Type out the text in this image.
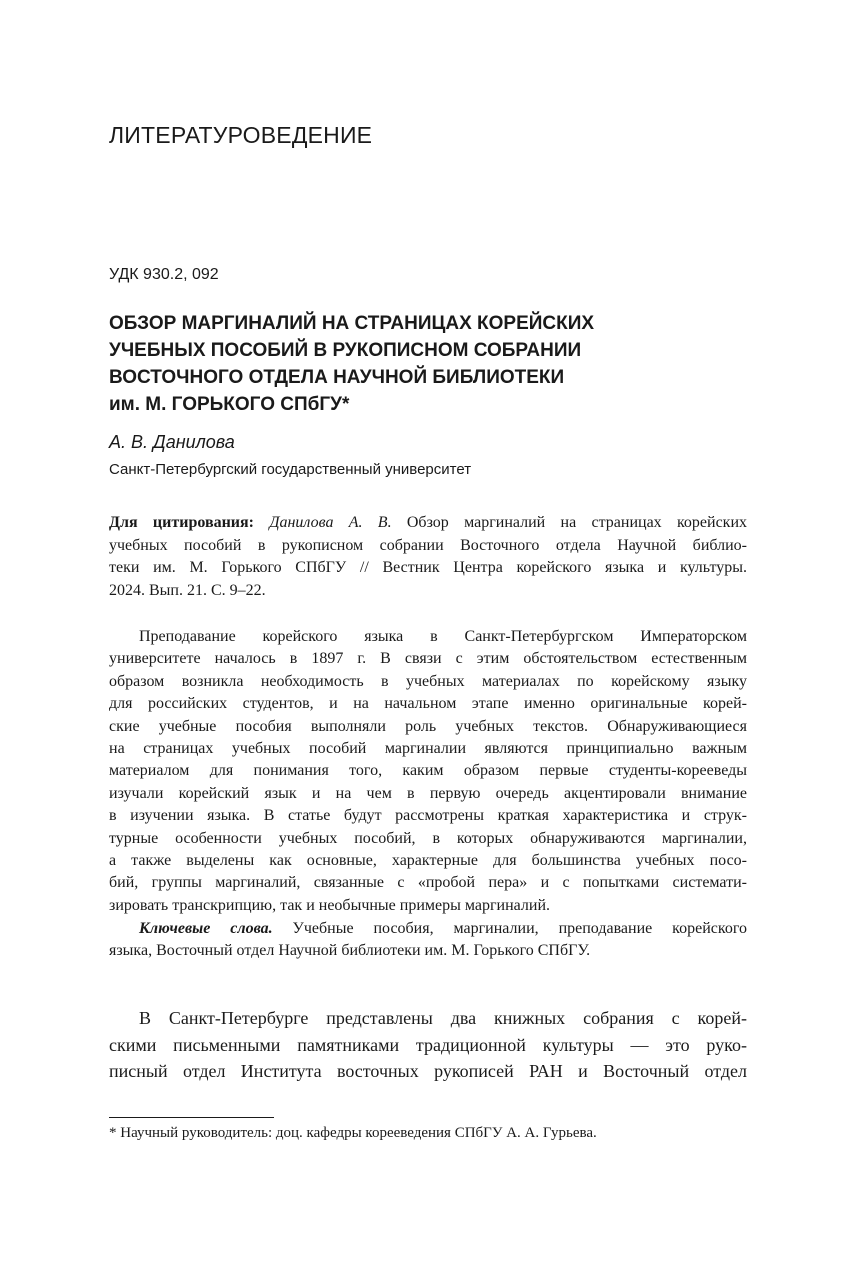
ЛИТЕРАТУРОВЕДЕНИЕ
УДК 930.2, 092
ОБЗОР МАРГИНАЛИЙ НА СТРАНИЦАХ КОРЕЙСКИХ
УЧЕБНЫХ ПОСОБИЙ В РУКОПИСНОМ СОБРАНИИ
ВОСТОЧНОГО ОТДЕЛА НАУЧНОЙ БИБЛИОТЕКИ
им. М. ГОРЬКОГО СПбГУ*
А. В. Данилова
Санкт-Петербургский государственный университет
Для цитирования: Данилова А. В. Обзор маргиналий на страницах корейских
учебных пособий в рукописном собрании Восточного отдела Научной библио-
теки им. М. Горького СПбГУ // Вестник Центра корейского языка и культуры.
2024. Вып. 21. С. 9–22.
Преподавание корейского языка в Санкт-Петербургском Императорском
университете началось в 1897 г. В связи с этим обстоятельством естественным
образом возникла необходимость в учебных материалах по корейскому языку
для российских студентов, и на начальном этапе именно оригинальные корей-
ские учебные пособия выполняли роль учебных текстов. Обнаруживающиеся
на страницах учебных пособий маргиналии являются принципиально важным
материалом для понимания того, каким образом первые студенты-корееведы
изучали корейский язык и на чем в первую очередь акцентировали внимание
в изучении языка. В статье будут рассмотрены краткая характеристика и струк-
турные особенности учебных пособий, в которых обнаруживаются маргиналии,
а также выделены как основные, характерные для большинства учебных посо-
бий, группы маргиналий, связанные с «пробой пера» и с попытками системати-
зировать транскрипцию, так и необычные примеры маргиналий.
Ключевые слова. Учебные пособия, маргиналии, преподавание корейского
языка, Восточный отдел Научной библиотеки им. М. Горького СПбГУ.
В Санкт-Петербурге представлены два книжных собрания с корей-
скими письменными памятниками традиционной культуры — это руко-
писный отдел Института восточных рукописей РАН и Восточный отдел
* Научный руководитель: доц. кафедры корееведения СПбГУ А. А. Гурьева.
